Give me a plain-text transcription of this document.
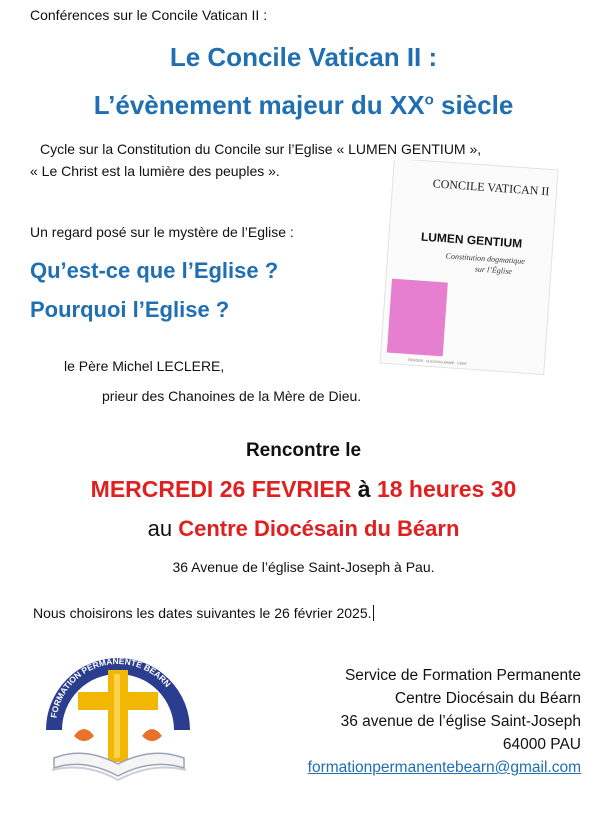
Conférences sur le Concile Vatican II :
Le Concile Vatican II :
L’évènement majeur du $XX^o$ siècle
Cycle sur la Constitution du Concile sur l’Eglise « LUMEN GENTIUM »,
« Le Christ est la lumière des peuples ».
Un regard posé sur le mystère de l’Eglise :
Qu’est-ce que l’Eglise ?
Pourquoi l’Eglise ?
CONCILE VATICAN II
LUMEN GENTIUM
Constitution dogmatique
sur l’Église
BERGER · FLEURUS-MAME · CERF
le Père Michel LECLERE,
prieur des Chanoines de la Mère de Dieu.
Rencontre le
MERCREDI 26 FEVRIER à 18 heures 30
au Centre Diocésain du Béarn
36 Avenue de l’église Saint-Joseph à Pau.
Nous choisirons les dates suivantes le 26 février 2025.
FORMATION PERMANENTE BEARN	Service de Formation Permanente
Centre Diocésain du Béarn
36 avenue de l’église Saint-Joseph
64000 PAU
formationpermanentebearn@gmail.com
